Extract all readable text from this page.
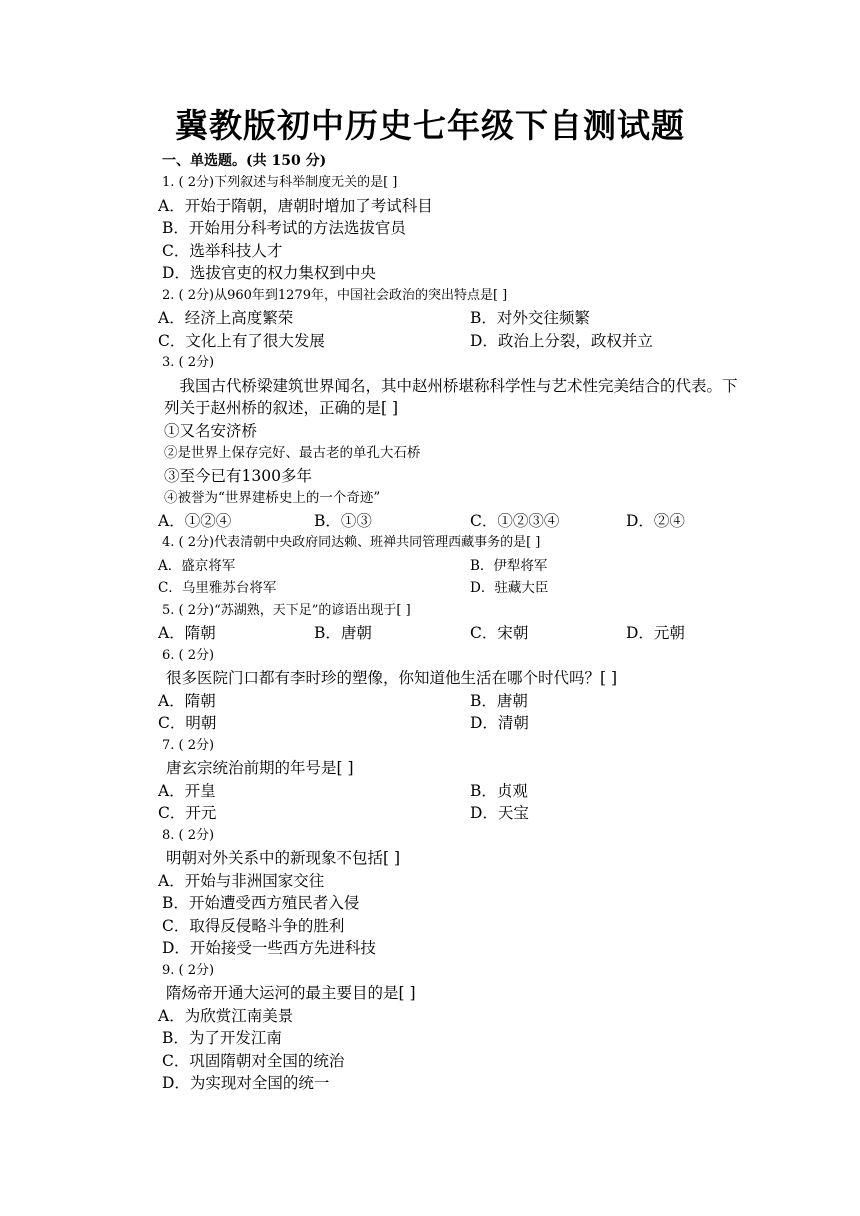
冀教版初中历史七年级下自测试题
一、单选题。(共 150 分)
1. ( 2分)下列叙述与科举制度无关的是[ ]
A．开始于隋朝，唐朝时增加了考试科目
B．开始用分科考试的方法选拔官员
C．选举科技人才
D．选拔官吏的权力集权到中央
2. ( 2分)从960年到1279年，中国社会政治的突出特点是[ ]
A．经济上高度繁荣	B．对外交往频繁
C．文化上有了很大发展	D．政治上分裂，政权并立
3. ( 2分)
我国古代桥梁建筑世界闻名，其中赵州桥堪称科学性与艺术性完美结合的代表。下列关于赵州桥的叙述，正确的是[ ]
①又名安济桥
②是世界上保存完好、最古老的单孔大石桥
③至今已有1300多年
④被誉为“世界建桥史上的一个奇迹”
A．①②④	B．①③	C．①②③④	D．②④
4. ( 2分)代表清朝中央政府同达赖、班禅共同管理西藏事务的是[ ]
A．盛京将军	B．伊犁将军
C．乌里雅苏台将军	D．驻藏大臣
5. ( 2分)“苏湖熟，天下足”的谚语出现于[ ]
A．隋朝	B．唐朝	C．宋朝	D．元朝
6. ( 2分)
很多医院门口都有李时珍的塑像，你知道他生活在哪个时代吗？[ ]
A．隋朝	B．唐朝
C．明朝	D．清朝
7. ( 2分)
唐玄宗统治前期的年号是[ ]
A．开皇	B．贞观
C．开元	D．天宝
8. ( 2分)
明朝对外关系中的新现象不包括[ ]
A．开始与非洲国家交往
B．开始遭受西方殖民者入侵
C．取得反侵略斗争的胜利
D．开始接受一些西方先进科技
9. ( 2分)
隋炀帝开通大运河的最主要目的是[ ]
A．为欣赏江南美景
B．为了开发江南
C．巩固隋朝对全国的统治
D．为实现对全国的统一
